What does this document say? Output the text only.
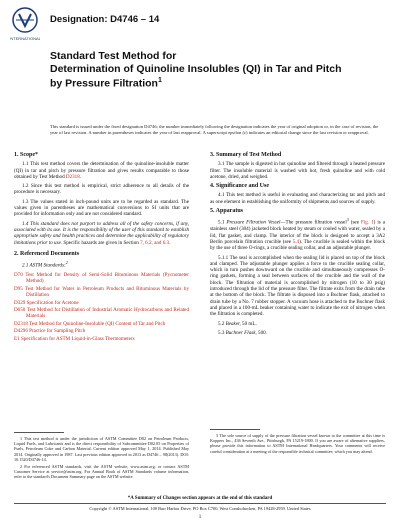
INTERNATIONAL
Designation: D4746 – 14
Standard Test Method for
Determination of Quinoline Insolubles (QI) in Tar and Pitch
by Pressure Filtration$^1$
This standard is issued under the fixed designation D4746; the number immediately following the designation indicates the year of original adoption or, in the case of revision, the year of last revision. A number in parentheses indicates the year of last reapproval. A superscript epsilon (ε) indicates an editorial change since the last revision or reapproval.
1. Scope*

1.1 This test method covers the determination of the quinoline-insoluble matter (QI) in tar and pitch by pressure filtration and gives results comparable to those obtained by Test Method D2318.

1.2 Since this test method is empirical, strict adherence to all details of the procedure is necessary.

1.3 The values stated in inch-pound units are to be regarded as standard. The values given in parentheses are mathematical conversions to SI units that are provided for information only and are not considered standard.

1.4 This standard does not purport to address all of the safety concerns, if any, associated with its use. It is the responsibility of the user of this standard to establish appropriate safety and health practices and determine the applicability of regulatory limitations prior to use. Specific hazards are given in Section 7, 6.2, and 6.3.

2. Referenced Documents

2.1 ASTM Standards:$^2$

D70 Test Method for Density of Semi-Solid Bituminous Materials (Pycnometer Method)
D95 Test Method for Water in Petroleum Products and Bituminous Materials by Distillation
D329 Specification for Acetone
D650 Test Method for Distillation of Industrial Aromatic Hydrocarbons and Related Materials
D2318 Test Method for Quinoline-Insoluble (QI) Content of Tar and Pitch
D4296 Practice for Sampling Pitch
E1 Specification for ASTM Liquid-in-Glass Thermometers
3. Summary of Test Method

3.1 The sample is digested in hot quinoline and filtered through a heated pressure filter. The insoluble material is washed with hot, fresh quinoline and with cold acetone, dried, and weighed.

4. Significance and Use

4.1 This test method is useful in evaluating and characterizing tar and pitch and as one element in establishing the uniformity of shipments and sources of supply.

5. Apparatus

5.1 Pressure Filtration Vessel—The pressure filtration vessel$^3$ (see Fig. 1) is a stainless steel (304) jacketed block heated by steam or cooled with water, sealed by a lid, flat gasket, and clamp. The interior of the block is designed to accept a 3A2 Berlin porcelain filtration crucible (see 5.4). The crucible is sealed within the block by the use of three O-rings, a crucible sealing collar, and an adjustable plunger.

5.1.1 The seal is accomplished when the sealing lid is placed on top of the block and clamped. The adjustable plunger applies a force to the crucible sealing collar, which in turn pushes downward on the crucible and simultaneously compresses O-ring gaskets, forming a seal between surfaces of the crucible and the wall of the block. The filtration of material is accomplished by nitrogen (10 to 30 psig) introduced through the lid of the pressure filter. The filtrate exits from the drain tube at the bottom of the block. The filtrate is disposed into a Buchner flask, attached to drain tube by a No. 7 rubber stopper. A vacuum hose is attached to the Buchner flask and placed in a 100-mL beaker containing water to indicate the exit of nitrogen when the filtration is completed.

5.2 Beaker, 50 mL.

5.3 Buchner Flask, 500.

1 This test method is under the jurisdiction of ASTM Committee D02 on Petroleum Products, Liquid Fuels, and Lubricants and is the direct responsibility of Subcommittee D02.05 on Properties of Fuels, Petroleum Coke and Carbon Material. Current edition approved May 1, 2014. Published May 2014. Originally approved in 1987. Last previous edition approved in 2013 as D4746 – 98(2013). DOI: 10.1520/D4746-14.

2 For referenced ASTM standards, visit the ASTM website, www.astm.org, or contact ASTM Customer Service at service@astm.org. For Annual Book of ASTM Standards volume information, refer to the standard's Document Summary page on the ASTM website.

3 The sole source of supply of the pressure filtration vessel known to the committee at this time is Koppers Inc., 436 Seventh Ave., Pittsburgh, PA 15219-1800. If you are aware of alternative suppliers, please provide this information to ASTM International Headquarters. Your comments will receive careful consideration at a meeting of the responsible technical committee, which you may attend.

*A Summary of Changes section appears at the end of this standard
Copyright © ASTM International, 100 Barr Harbor Drive, PO Box C700, West Conshohocken, PA 19428-2959. United States
1
